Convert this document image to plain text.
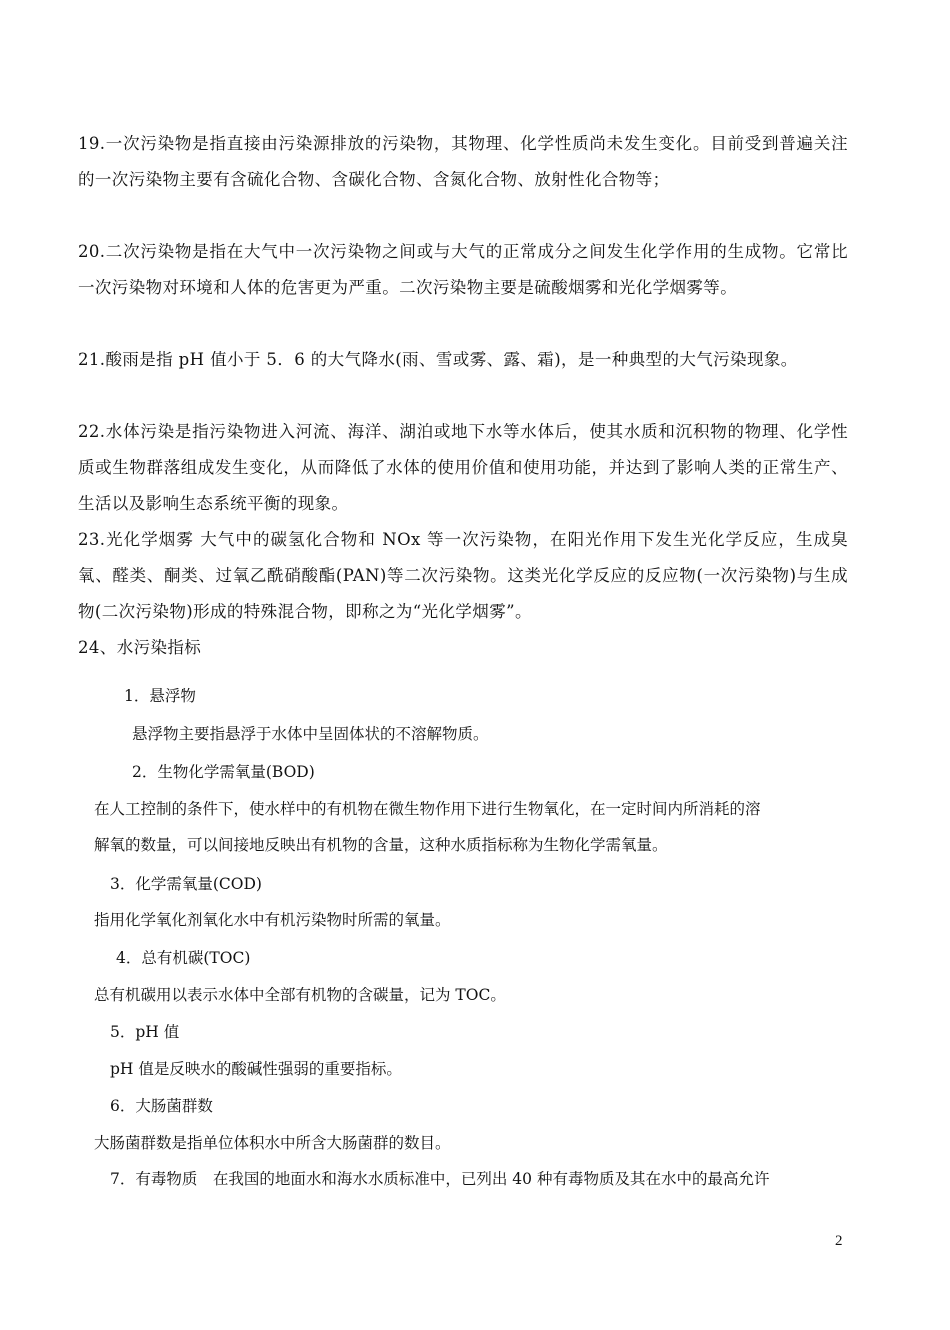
19.一次污染物是指直接由污染源排放的污染物，其物理、化学性质尚未发生变化。目前受到普遍关注的一次污染物主要有含硫化合物、含碳化合物、含氮化合物、放射性化合物等；
20.二次污染物是指在大气中一次污染物之间或与大气的正常成分之间发生化学作用的生成物。它常比一次污染物对环境和人体的危害更为严重。二次污染物主要是硫酸烟雾和光化学烟雾等。
21.酸雨是指 pH 值小于 5．6 的大气降水(雨、雪或雾、露、霜)，是一种典型的大气污染现象。
22.水体污染是指污染物进入河流、海洋、湖泊或地下水等水体后，使其水质和沉积物的物理、化学性质或生物群落组成发生变化，从而降低了水体的使用价值和使用功能，并达到了影响人类的正常生产、生活以及影响生态系统平衡的现象。
23.光化学烟雾 大气中的碳氢化合物和 NOx 等一次污染物，在阳光作用下发生光化学反应，生成臭氧、醛类、酮类、过氧乙酰硝酸酯(PAN)等二次污染物。这类光化学反应的反应物(一次污染物)与生成物(二次污染物)形成的特殊混合物，即称之为“光化学烟雾”。
24、水污染指标
1．悬浮物
悬浮物主要指悬浮于水体中呈固体状的不溶解物质。
2．生物化学需氧量(BOD)
在人工控制的条件下，使水样中的有机物在微生物作用下进行生物氧化，在一定时间内所消耗的溶
解氧的数量，可以间接地反映出有机物的含量，这种水质指标称为生物化学需氧量。
3．化学需氧量(COD)
指用化学氧化剂氧化水中有机污染物时所需的氧量。
4．总有机碳(TOC)
总有机碳用以表示水体中全部有机物的含碳量，记为 TOC。
5．pH 值
pH 值是反映水的酸碱性强弱的重要指标。
6．大肠菌群数
大肠菌群数是指单位体积水中所含大肠菌群的数目。
7．有毒物质　在我国的地面水和海水水质标准中，已列出 40 种有毒物质及其在水中的最高允许
2
